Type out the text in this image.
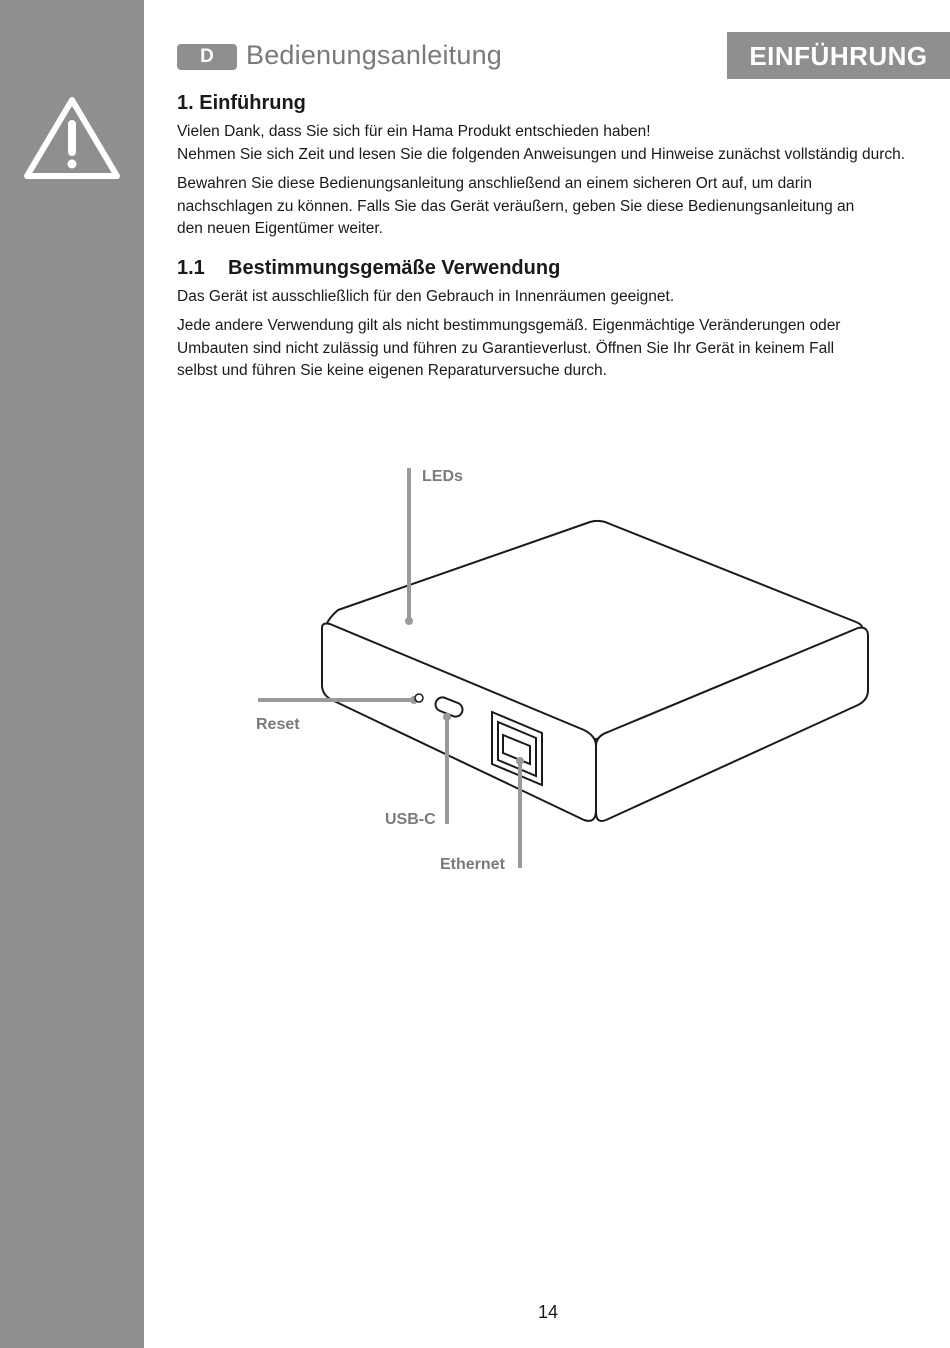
D	Bedienungsanleitung	EINFÜHRUNG
1. Einführung

Vielen Dank, dass Sie sich für ein Hama Produkt entschieden haben!

Nehmen Sie sich Zeit und lesen Sie die folgenden Anweisungen und Hinweise zunächst vollständig durch.

Bewahren Sie diese Bedienungsanleitung anschließend an einem sicheren Ort auf, um darin nachschlagen zu können. Falls Sie das Gerät veräußern, geben Sie diese Bedienungsanleitung an den neuen Eigentümer weiter.

1.1 Bestimmungsgemäße Verwendung

Das Gerät ist ausschließlich für den Gebrauch in Innenräumen geeignet.

Jede andere Verwendung gilt als nicht bestimmungsgemäß. Eigenmächtige Veränderungen oder Umbauten sind nicht zulässig und führen zu Garantieverlust. Öffnen Sie Ihr Gerät in keinem Fall selbst und führen Sie keine eigenen Reparaturversuche durch.

LEDs
Reset
USB-C
Ethernet
14
